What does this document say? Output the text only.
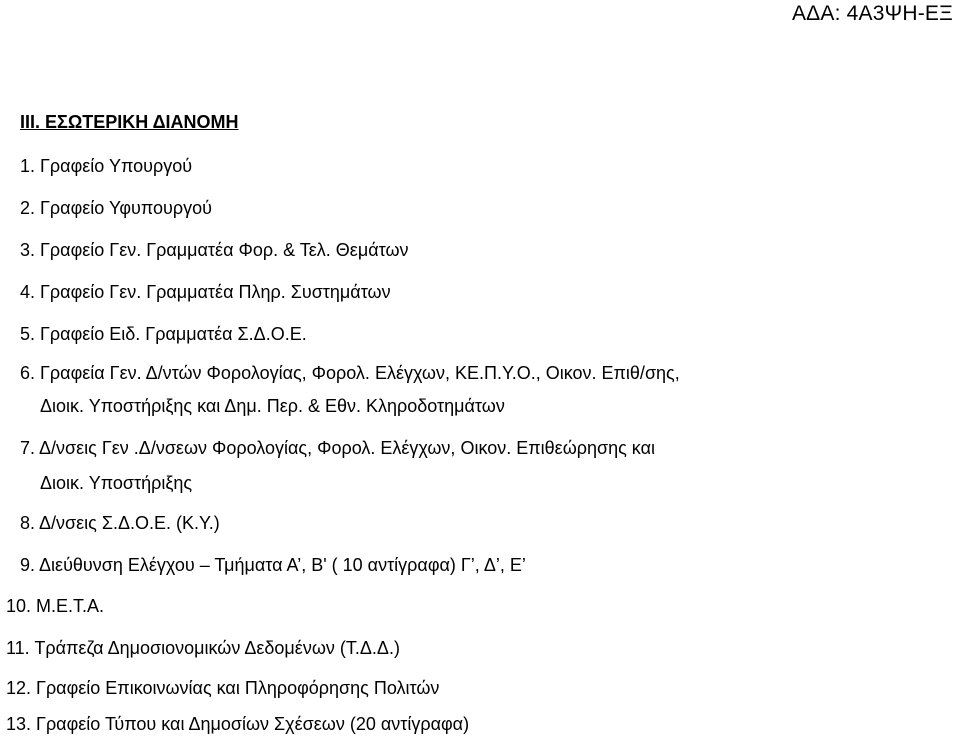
ΑΔΑ: 4Α3ΨΗ-ΕΞ
ΙΙΙ. ΕΣΩΤΕΡΙΚΗ ΔΙΑΝΟΜΗ
1. Γραφείο Υπουργού
2. Γραφείο Υφυπουργού
3. Γραφείο Γεν. Γραμματέα Φορ. & Τελ. Θεμάτων
4. Γραφείο Γεν. Γραμματέα Πληρ. Συστημάτων
5. Γραφείο Ειδ. Γραμματέα Σ.Δ.Ο.Ε.
6. Γραφεία Γεν. Δ/ντών Φορολογίας, Φορολ. Ελέγχων, ΚΕ.Π.Υ.Ο., Οικον. Επιθ/σης,
Διοικ. Υποστήριξης και Δημ. Περ. & Εθν. Κληροδοτημάτων
7. Δ/νσεις Γεν .Δ/νσεων Φορολογίας, Φορολ. Ελέγχων, Οικον. Επιθεώρησης και
Διοικ. Υποστήριξης
8. Δ/νσεις Σ.Δ.Ο.Ε. (Κ.Υ.)
9. Διεύθυνση Ελέγχου – Τμήματα Α’, Β' ( 10 αντίγραφα) Γ’, Δ’, Ε’
10. Μ.Ε.Τ.Α.
11. Τράπεζα Δημοσιονομικών Δεδομένων (Τ.Δ.Δ.)
12. Γραφείο Επικοινωνίας και Πληροφόρησης Πολιτών
13. Γραφείο Τύπου και Δημοσίων Σχέσεων (20 αντίγραφα)
